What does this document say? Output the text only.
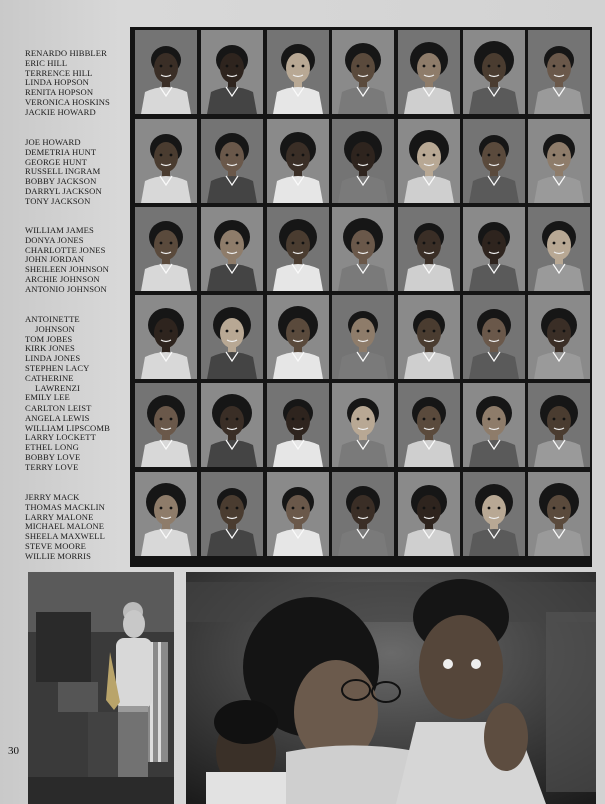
RENARDO HIBBLER
ERIC HILL
TERRENCE HILL
LINDA HOPSON
RENITA HOPSON
VERONICA HOSKINS
JACKIE HOWARD
JOE HOWARD
DEMETRIA HUNT
GEORGE HUNT
RUSSELL INGRAM
BOBBY JACKSON
DARRYL JACKSON
TONY JACKSON
WILLIAM JAMES
DONYA JONES
CHARLOTTE JONES
JOHN JORDAN
SHEILEEN JOHNSON
ARCHIE JOHNSON
ANTONIO JOHNSON
ANTOINETTE
JOHNSON
TOM JOBES
KIRK JONES
LINDA JONES
STEPHEN LACY
CATHERINE
LAWRENZI
EMILY LEE
CARLTON LEIST
ANGELA LEWIS
WILLIAM LIPSCOMB
LARRY LOCKETT
ETHEL LONG
BOBBY LOVE
TERRY LOVE
JERRY MACK
THOMAS MACKLIN
LARRY MALONE
MICHAEL MALONE
SHEELA MAXWELL
STEVE MOORE
WILLIE MORRIS
30
